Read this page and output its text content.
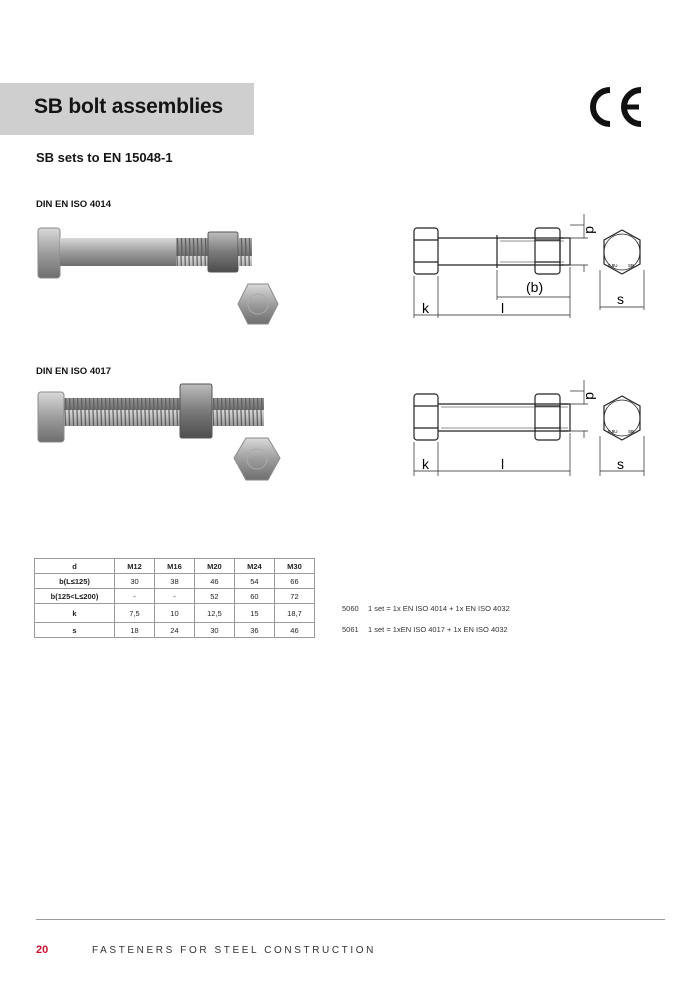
SB bolt assemblies
SB sets to EN 15048-1
DIN EN ISO 4014
k	l
(b)
d
s
8.8U SB
DIN EN ISO 4017
k	l
d
s
8.8U SB
d	M12	M16	M20	M24	M30
b(L≤125)	30	38	46	54	66
b(125<L≤200)	-	-	52	60	72
k	7,5	10	12,5	15	18,7
s	18	24	30	36	46
5060 1 set = 1x EN ISO 4014 + 1x EN ISO 4032
5061 1 set = 1xEN ISO 4017 + 1x EN ISO 4032
20	FASTENERS FOR STEEL CONSTRUCTION
